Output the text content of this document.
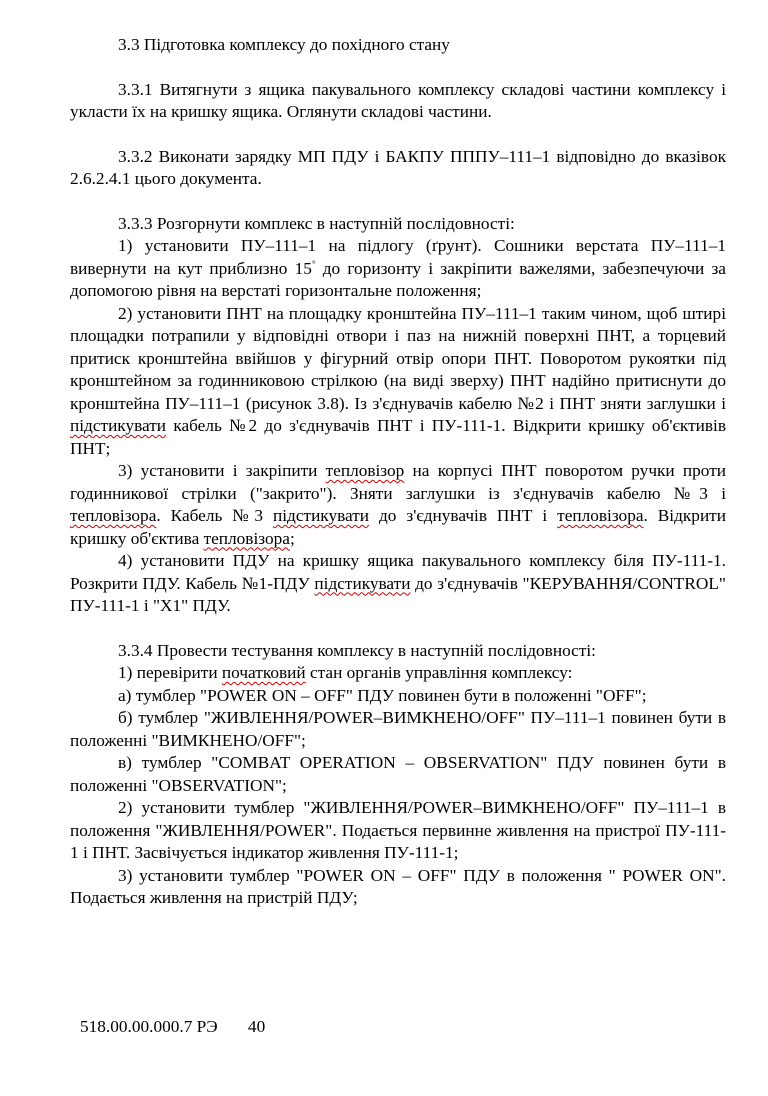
3.3 Підготовка комплексу до похідного стану

3.3.1 Витягнути з ящика пакувального комплексу складові частини комплексу і укласти їх на кришку ящика. Оглянути складові частини.

3.3.2 Виконати зарядку МП ПДУ і БАКПУ ПППУ–111–1 відповідно до вказівок 2.6.2.4.1 цього документа.

3.3.3 Розгорнути комплекс в наступній послідовності:

1) установити ПУ–111–1 на підлогу (ґрунт). Сошники верстата ПУ–111–1 вивернути на кут приблизно 15° до горизонту і закріпити важелями, забезпечуючи за допомогою рівня на верстаті горизонтальне положення;

2) установити ПНТ на площадку кронштейна ПУ–111–1 таким чином, щоб штирі площадки потрапили у відповідні отвори і паз на нижній поверхні ПНТ, а торцевий притиск кронштейна ввійшов у фігурний отвір опори ПНТ. Поворотом рукоятки під кронштейном за годинниковою стрілкою (на виді зверху) ПНТ надійно притиснути до кронштейна ПУ–111–1 (рисунок 3.8). Із з'єднувачів кабелю №2 і ПНТ зняти заглушки і підстикувати кабель №2 до з'єднувачів ПНТ і ПУ-111-1. Відкрити кришку об'єктивів ПНТ;

3) установити і закріпити тепловізор на корпусі ПНТ поворотом ручки проти годинникової стрілки ("закрито"). Зняти заглушки із з'єднувачів кабелю №3 і тепловізора. Кабель №3 підстикувати до з'єднувачів ПНТ і тепловізора. Відкрити кришку об'єктива тепловізора;

4) установити ПДУ на кришку ящика пакувального комплексу біля ПУ-111-1. Розкрити ПДУ. Кабель №1-ПДУ підстикувати до з'єднувачів "КЕРУВАННЯ/CONTROL" ПУ-111-1 і "Х1" ПДУ.

3.3.4 Провести тестування комплексу в наступній послідовності:

1) перевірити початковий стан органів управління комплексу:

а) тумблер "POWER ON – OFF" ПДУ повинен бути в положенні "OFF";

б) тумблер "ЖИВЛЕННЯ/POWER–ВИМКНЕНО/OFF" ПУ–111–1 повинен бути в положенні "ВИМКНЕНО/OFF";

в) тумблер "COMBAT OPERATION – OBSERVATION" ПДУ повинен бути в положенні "OBSERVATION";

2) установити тумблер "ЖИВЛЕННЯ/POWER–ВИМКНЕНО/OFF" ПУ–111–1 в положення "ЖИВЛЕННЯ/POWER". Подається первинне живлення на пристрої ПУ-111-1 і ПНТ. Засвічується індикатор живлення ПУ-111-1;

3) установити тумблер "POWER ON – OFF" ПДУ в положення " POWER ON". Подається живлення на пристрій ПДУ;

518.00.00.000.7 РЭ 40
